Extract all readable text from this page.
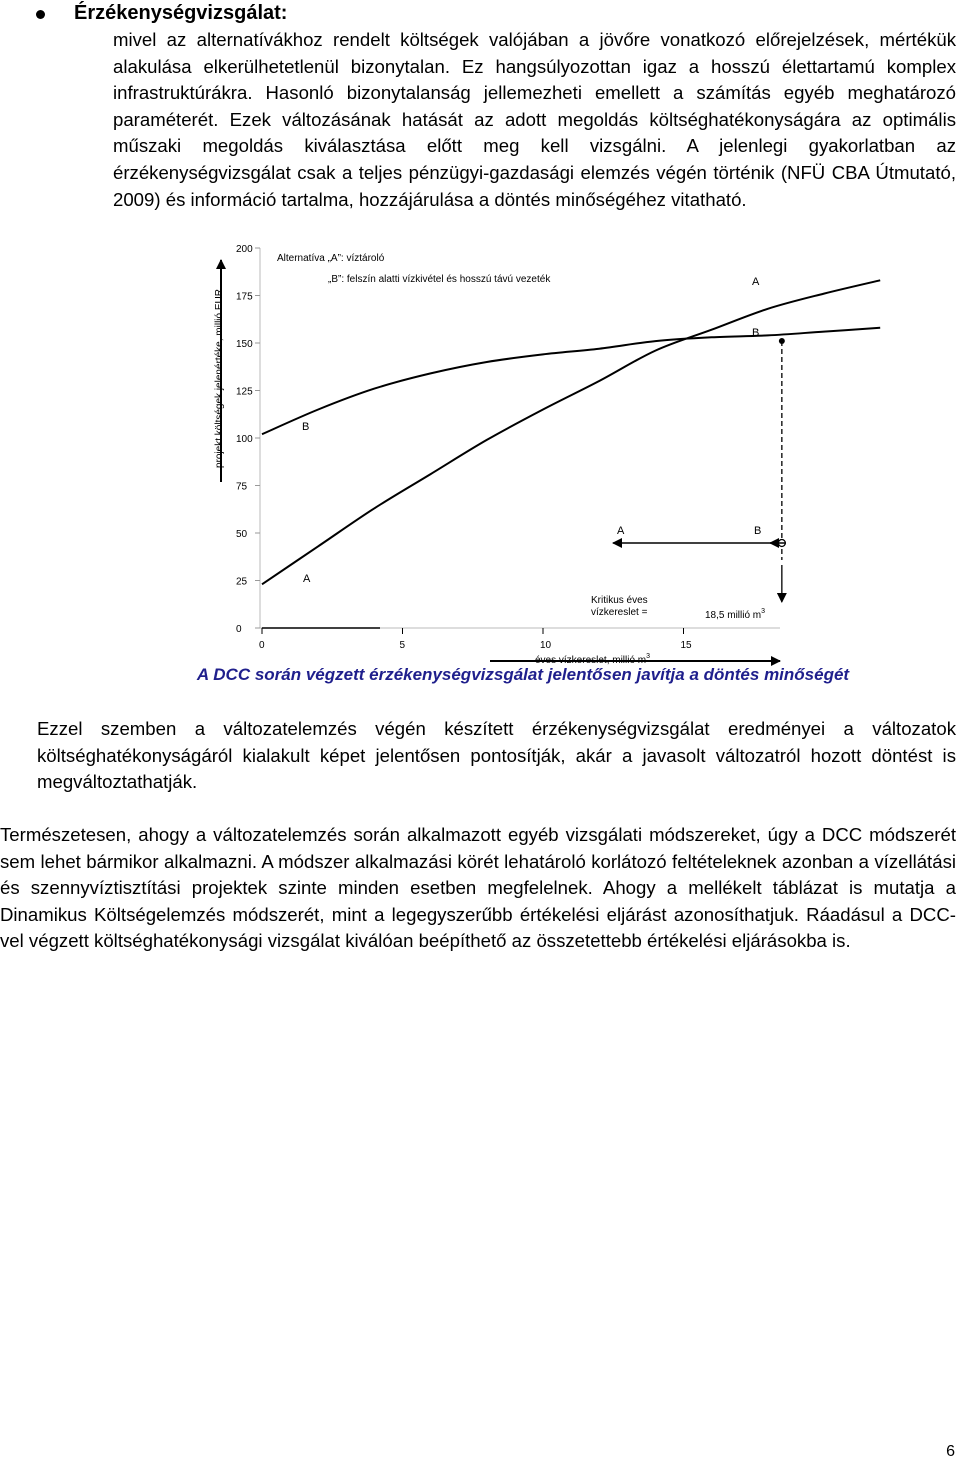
Érzékenységvizsgálat:
mivel az alternatívákhoz rendelt költségek valójában a jövőre vonatkozó előrejelzések, mértékük alakulása elkerülhetetlenül bizonytalan. Ez hangsúlyozottan igaz a hosszú élettartamú komplex infrastruktúrákra. Hasonló bizonytalanság jellemezheti emellett a számítás egyéb meghatározó paraméterét. Ezek változásának hatását az adott megoldás költséghatékonyságára az optimális műszaki megoldás kiválasztása előtt meg kell vizsgálni. A jelenlegi gyakorlatban az érzékenységvizsgálat csak a teljes pénzügyi-gazdasági elemzés végén történik (NFÜ CBA Útmutató, 2009) és információ tartalma, hozzájárulása a döntés minőségéhez vitatható.
projekt költségek jelenértéke, millió EUR
éves vízkereslet, millió $m^3$
200
175
150
125
100
75
50
25
0
0	5	10	15
Alternatíva „A”: víztároló
„B”: felszín alatti vízkivétel és hosszú távú vezeték	A
B
B
A
A	B
Kritikus éves
vízkereslet =	18,5 millió $m^3$
A DCC során végzett érzékenységvizsgálat jelentősen javítja a döntés minőségét
Ezzel szemben a változatelemzés végén készített érzékenységvizsgálat eredményei a változatok költséghatékonyságáról kialakult képet jelentősen pontosítják, akár a javasolt változatról hozott döntést is megváltoztathatják.
Természetesen, ahogy a változatelemzés során alkalmazott egyéb vizsgálati módszereket, úgy a DCC módszerét sem lehet bármikor alkalmazni. A módszer alkalmazási körét lehatároló korlátozó feltételeknek azonban a vízellátási és szennyvíztisztítási projektek szinte minden esetben megfelelnek. Ahogy a mellékelt táblázat is mutatja a Dinamikus Költségelemzés módszerét, mint a legegyszerűbb értékelési eljárást azonosíthatjuk. Ráadásul a DCC-vel végzett költséghatékonysági vizsgálat kiválóan beépíthető az összetettebb értékelési eljárásokba is.
6
